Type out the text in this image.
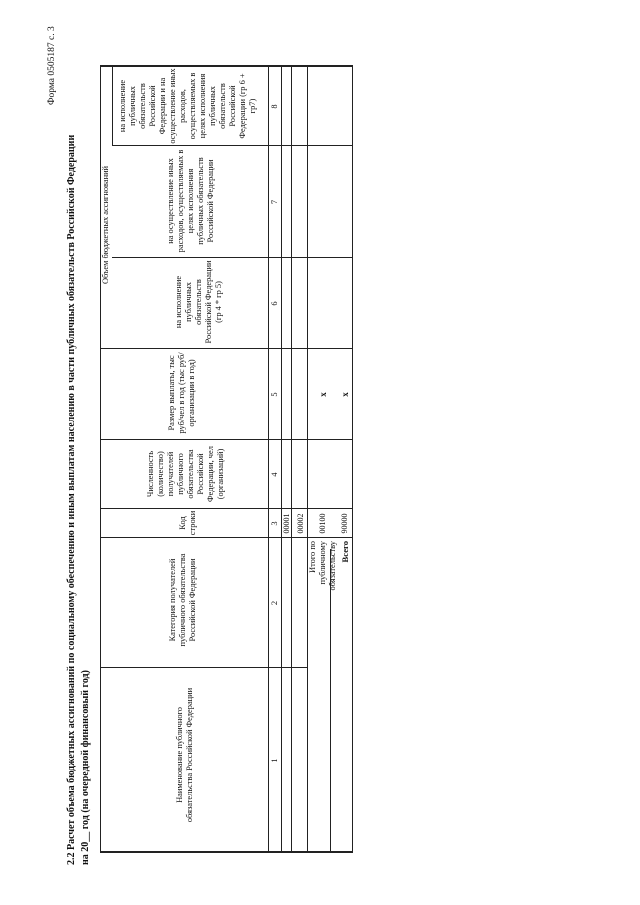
Форма 0505187 с. 3
2.2 Расчет объема бюджетных ассигнований по социальному обеспечению и иным выплатам населению в части публичных обязательств Российской Федерации на 20__ год (на очередной финансовый год)	Наименование публичного обязательства Российской Федерации
Категория получателей публичного обязательства Российской Федерации
Код строки
Численность (количество) получателей публичного обязательства Российской Федерации, чел (организаций)
Размер выплаты, тыс руб/чел в год (тыс руб/организации в год)
Объем бюджетных ассигнований
на исполнение публичных обязательств Российской Федерации (гр 4 * гр 5)
на осуществление иных расходов, осуществляемых в целях исполнения публичных обязательств Российской Федерации
на исполнение публичных обязательств Российской Федерации и на осуществление иных расходов, осуществляемых в целях исполнения публичных обязательств Российской Федерации (гр 6 + гр7)
1
2
3
4
5
6
7
8
00001 00002
Итого по публичному обязательству
00100
x
Всего
90000
x
